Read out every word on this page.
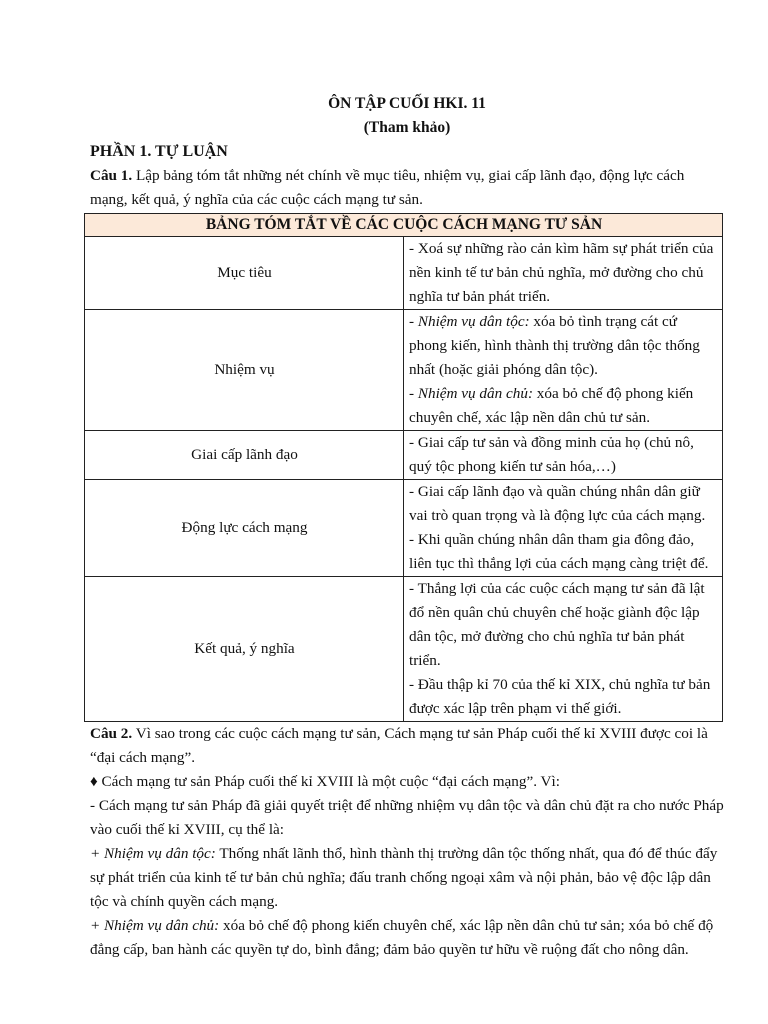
ÔN TẬP CUỐI HKI. 11
(Tham khảo)
PHẦN 1. TỰ LUẬN

Câu 1. Lập bảng tóm tắt những nét chính về mục tiêu, nhiệm vụ, giai cấp lãnh đạo, động lực cách mạng, kết quả, ý nghĩa của các cuộc cách mạng tư sản.

BẢNG TÓM TẮT VỀ CÁC CUỘC CÁCH MẠNG TƯ SẢN	
Mục tiêu	- Xoá sự những rào cản kìm hãm sự phát triển của nền kinh tế tư bản chủ nghĩa, mở đường cho chủ nghĩa tư bản phát triển.

Nhiệm vụ	- Nhiệm vụ dân tộc: xóa bỏ tình trạng cát cứ phong kiến, hình thành thị trường dân tộc thống nhất (hoặc giải phóng dân tộc).
- Nhiệm vụ dân chủ: xóa bỏ chế độ phong kiến chuyên chế, xác lập nền dân chủ tư sản.

Giai cấp lãnh đạo	- Giai cấp tư sản và đồng minh của họ (chủ nô, quý tộc phong kiến tư sản hóa,…)

Động lực cách mạng	- Giai cấp lãnh đạo và quần chúng nhân dân giữ vai trò quan trọng và là động lực của cách mạng.
- Khi quần chúng nhân dân tham gia đông đảo, liên tục thì thắng lợi của cách mạng càng triệt để.

Kết quả, ý nghĩa	- Thắng lợi của các cuộc cách mạng tư sản đã lật đổ nền quân chủ chuyên chế hoặc giành độc lập dân tộc, mở đường cho chủ nghĩa tư bản phát triển.
- Đầu thập kỉ 70 của thế kỉ XIX, chủ nghĩa tư bản được xác lập trên phạm vi thế giới.

Câu 2. Vì sao trong các cuộc cách mạng tư sản, Cách mạng tư sản Pháp cuối thế kỉ XVIII được coi là “đại cách mạng”.

♦ Cách mạng tư sản Pháp cuối thế kỉ XVIII là một cuộc “đại cách mạng”. Vì:

- Cách mạng tư sản Pháp đã giải quyết triệt để những nhiệm vụ dân tộc và dân chủ đặt ra cho nước Pháp vào cuối thế kỉ XVIII, cụ thể là:

+ Nhiệm vụ dân tộc: Thống nhất lãnh thổ, hình thành thị trường dân tộc thống nhất, qua đó để thúc đẩy sự phát triển của kinh tế tư bản chủ nghĩa; đấu tranh chống ngoại xâm và nội phản, bảo vệ độc lập dân tộc và chính quyền cách mạng.

+ Nhiệm vụ dân chủ: xóa bỏ chế độ phong kiến chuyên chế, xác lập nền dân chủ tư sản; xóa bỏ chế độ đẳng cấp, ban hành các quyền tự do, bình đẳng; đảm bảo quyền tư hữu về ruộng đất cho nông dân.
